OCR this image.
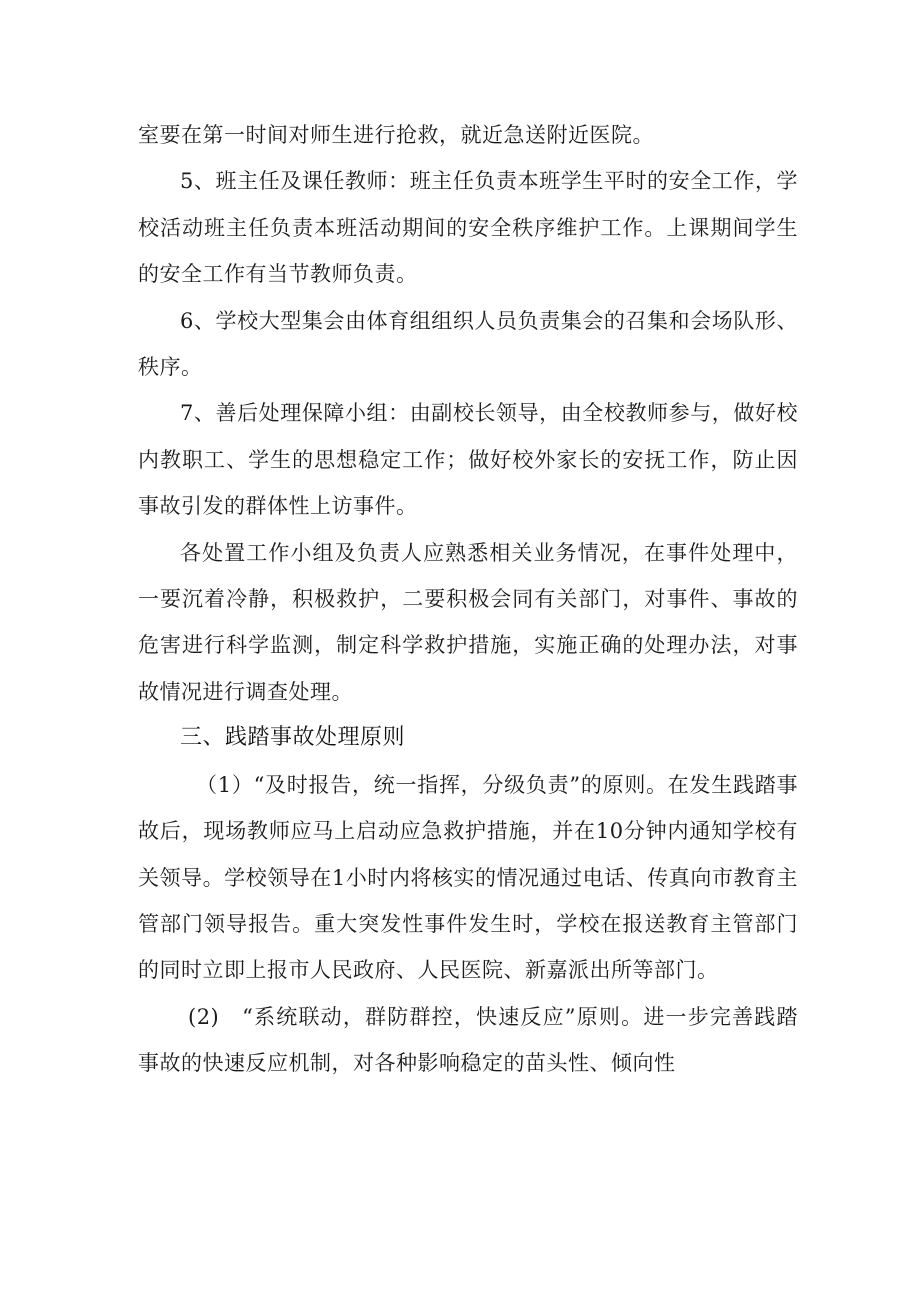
室要在第一时间对师生进行抢救，就近急送附近医院。

5、班主任及课任教师：班主任负责本班学生平时的安全工作，学校活动班主任负责本班活动期间的安全秩序维护工作。上课期间学生的安全工作有当节教师负责。

6、学校大型集会由体育组组织人员负责集会的召集和会场队形、秩序。

7、善后处理保障小组：由副校长领导，由全校教师参与，做好校内教职工、学生的思想稳定工作；做好校外家长的安抚工作，防止因事故引发的群体性上访事件。

各处置工作小组及负责人应熟悉相关业务情况，在事件处理中，一要沉着冷静，积极救护，二要积极会同有关部门，对事件、事故的危害进行科学监测，制定科学救护措施，实施正确的处理办法，对事故情况进行调查处理。

三、践踏事故处理原则

（1）“及时报告，统一指挥，分级负责”的原则。在发生践踏事故后，现场教师应马上启动应急救护措施，并在10分钟内通知学校有关领导。学校领导在1小时内将核实的情况通过电话、传真向市教育主管部门领导报告。重大突发性事件发生时，学校在报送教育主管部门的同时立即上报市人民政府、人民医院、新嘉派出所等部门。

(2)　“系统联动，群防群控，快速反应”原则。进一步完善践踏事故的快速反应机制，对各种影响稳定的苗头性、倾向性
